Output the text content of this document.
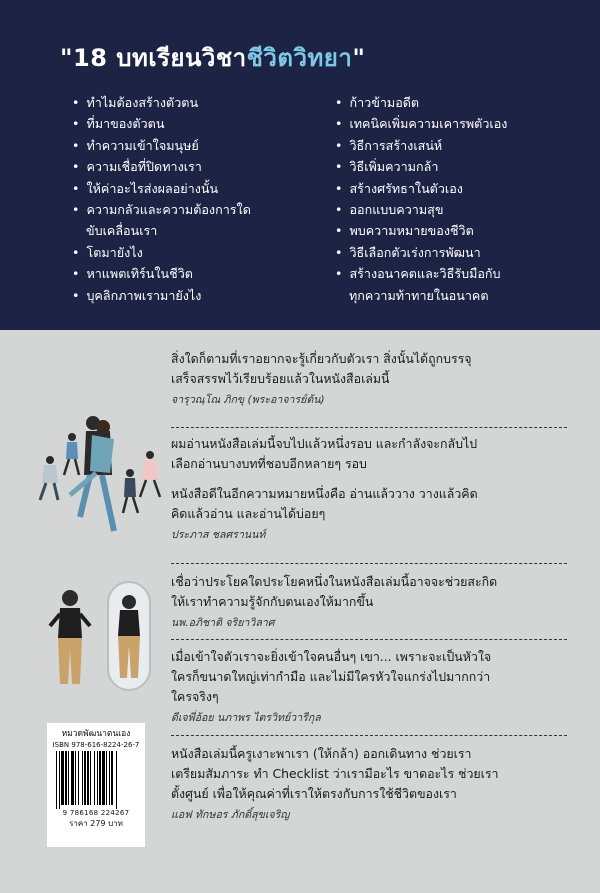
"18 บทเรียนวิชาชีวิตวิทยา"
• ทำไมต้องสร้างตัวตน
• ที่มาของตัวตน
• ทำความเข้าใจมนุษย์
• ความเชื่อที่ปิดทางเรา
• ให้ค่าอะไรส่งผลอย่างนั้น
• ความกลัวและความต้องการใด
ขับเคลื่อนเรา
• โตมายังไง
• หาแพตเทิร์นในชีวิต
• บุคลิกภาพเรามายังไง
• ก้าวข้ามอดีต
• เทคนิคเพิ่มความเคารพตัวเอง
• วิธีการสร้างเสน่ห์
• วิธีเพิ่มความกล้า
• สร้างศรัทธาในตัวเอง
• ออกแบบความสุข
• พบความหมายของชีวิต
• วิธีเลือกตัวเร่งการพัฒนา
• สร้างอนาคตและวิธีรับมือกับ
ทุกความท้าทายในอนาคต
สิ่งใดก็ตามที่เราอยากจะรู้เกี่ยวกับตัวเรา สิ่งนั้นได้ถูกบรรจุ
เสร็จสรรพไว้เรียบร้อยแล้วในหนังสือเล่มนี้
จารุวณฺโณ ภิกขุ (พระอาจารย์ต้น)
ผมอ่านหนังสือเล่มนี้จบไปแล้วหนึ่งรอบ และกำลังจะกลับไป
เลือกอ่านบางบทที่ชอบอีกหลายๆ รอบ
หนังสือดีในอีกความหมายหนึ่งคือ อ่านแล้ววาง วางแล้วคิด
คิดแล้วอ่าน และอ่านได้บ่อยๆ
ประภาส ชลศรานนท์
เชื่อว่าประโยคใดประโยคหนึ่งในหนังสือเล่มนี้อาจจะช่วยสะกิด
ให้เราทำความรู้จักกับตนเองให้มากขึ้น
นพ.อภิชาติ จริยาวิลาศ
เมื่อเข้าใจตัวเราจะยิ่งเข้าใจคนอื่นๆ เขา... เพราะจะเป็นหัวใจ
ใครก็ขนาดใหญ่เท่ากำมือ และไม่มีใครหัวใจแกร่งไปมากกว่า
ใครจริงๆ
ดีเจพี่อ้อย นภาพร ไตรวิทย์วารีกุล
หนังสือเล่มนี้ครูเงาะพาเรา (ให้กล้า) ออกเดินทาง ช่วยเรา
เตรียมสัมภาระ ทำ Checklist ว่าเรามีอะไร ขาดอะไร ช่วยเรา
ตั้งศูนย์ เพื่อให้คุณค่าที่เราให้ตรงกับการใช้ชีวิตของเรา
แอฟ ทักษอร ภักดิ์สุขเจริญ
หมวดพัฒนาตนเอง
ISBN 978-616-8224-26-7
9 786168 224267
ราคา 279 บาท
